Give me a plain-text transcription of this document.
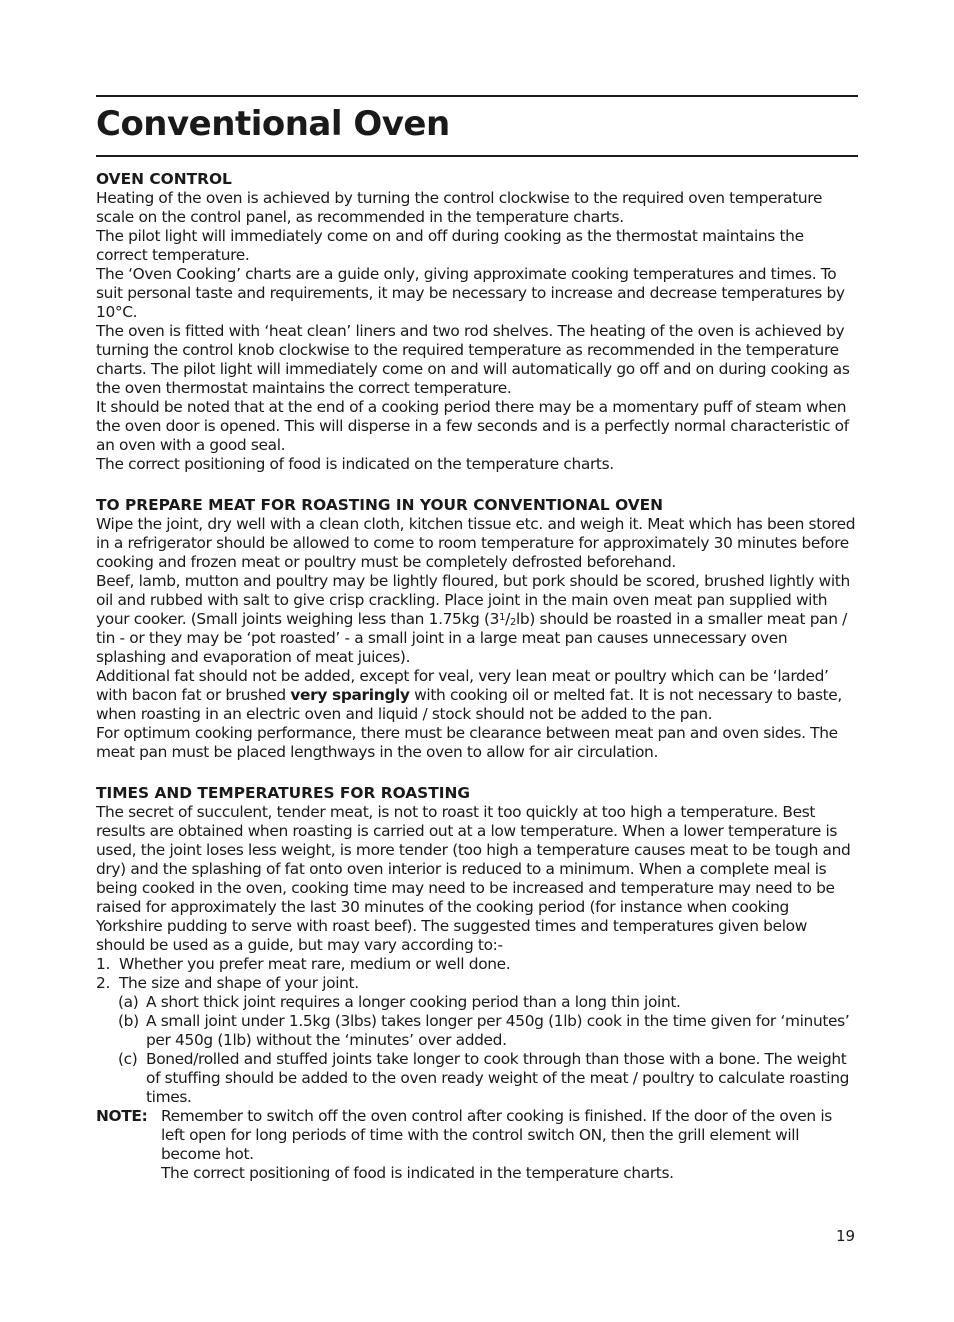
Conventional Oven
OVEN CONTROL

Heating of the oven is achieved by turning the control clockwise to the required oven temperature scale on the control panel, as recommended in the temperature charts.

The pilot light will immediately come on and off during cooking as the thermostat maintains the correct temperature.

The ‘Oven Cooking’ charts are a guide only, giving approximate cooking temperatures and times. To suit personal taste and requirements, it may be necessary to increase and decrease temperatures by 10°C.

The oven is fitted with ‘heat clean’ liners and two rod shelves. The heating of the oven is achieved by turning the control knob clockwise to the required temperature as recommended in the temperature charts. The pilot light will immediately come on and will automatically go off and on during cooking as the oven thermostat maintains the correct temperature.

It should be noted that at the end of a cooking period there may be a momentary puff of steam when the oven door is opened. This will disperse in a few seconds and is a perfectly normal characteristic of an oven with a good seal.

The correct positioning of food is indicated on the temperature charts.

TO PREPARE MEAT FOR ROASTING IN YOUR CONVENTIONAL OVEN

Wipe the joint, dry well with a clean cloth, kitchen tissue etc. and weigh it. Meat which has been stored in a refrigerator should be allowed to come to room temperature for approximately 30 minutes before cooking and frozen meat or poultry must be completely defrosted beforehand.

Beef, lamb, mutton and poultry may be lightly floured, but pork should be scored, brushed lightly with oil and rubbed with salt to give crisp crackling. Place joint in the main oven meat pan supplied with your cooker. (Small joints weighing less than 1.75kg $(3^1/_2lb)$ should be roasted in a smaller meat pan / tin - or they may be ‘pot roasted’ - a small joint in a large meat pan causes unnecessary oven splashing and evaporation of meat juices).

Additional fat should not be added, except for veal, very lean meat or poultry which can be ‘larded’ with bacon fat or brushed very sparingly with cooking oil or melted fat. It is not necessary to baste, when roasting in an electric oven and liquid / stock should not be added to the pan.

For optimum cooking performance, there must be clearance between meat pan and oven sides. The meat pan must be placed lengthways in the oven to allow for air circulation.

TIMES AND TEMPERATURES FOR ROASTING

The secret of succulent, tender meat, is not to roast it too quickly at too high a temperature. Best results are obtained when roasting is carried out at a low temperature. When a lower temperature is used, the joint loses less weight, is more tender (too high a temperature causes meat to be tough and dry) and the splashing of fat onto oven interior is reduced to a minimum. When a complete meal is being cooked in the oven, cooking time may need to be increased and temperature may need to be raised for approximately the last 30 minutes of the cooking period (for instance when cooking Yorkshire pudding to serve with roast beef). The suggested times and temperatures given below should be used as a guide, but may vary according to:-

1. Whether you prefer meat rare, medium or well done.
2. The size and shape of your joint.
(a) A short thick joint requires a longer cooking period than a long thin joint.
(b) A small joint under 1.5kg (3lbs) takes longer per 450g (1lb) cook in the time given for ‘minutes’ per 450g (1lb) without the ‘minutes’ over added.
(c) Boned/rolled and stuffed joints take longer to cook through than those with a bone. The weight of stuffing should be added to the oven ready weight of the meat / poultry to calculate roasting times.
NOTE: Remember to switch off the oven control after cooking is finished. If the door of the oven is left open for long periods of time with the control switch ON, then the grill element will become hot.

The correct positioning of food is indicated in the temperature charts.

19
